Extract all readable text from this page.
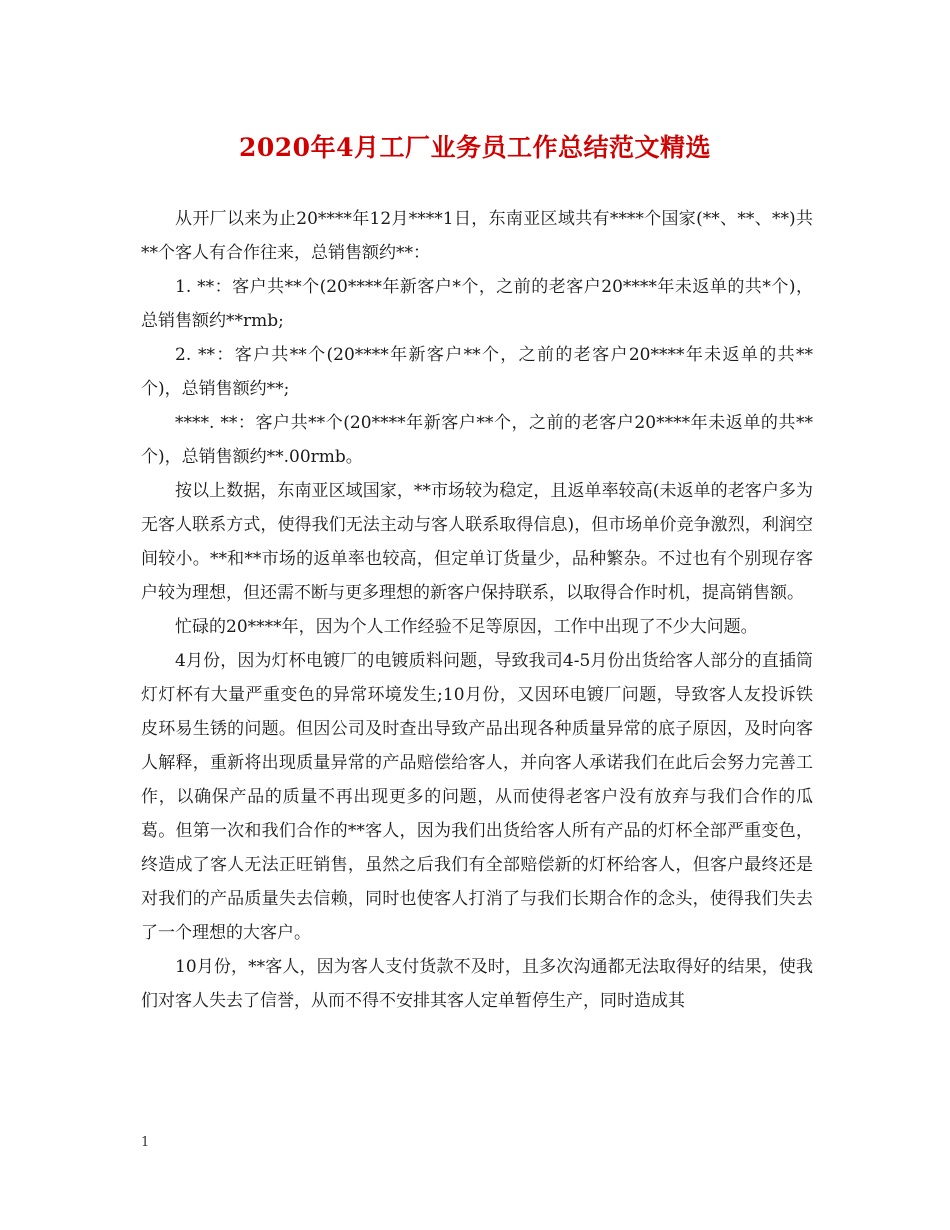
2020年4月工厂业务员工作总结范文精选

从开厂以来为止20****年12月****1日，东南亚区域共有****个国家(**、**、**)共**个客人有合作往来，总销售额约**：

1. **：客户共**个(20****年新客户*个，之前的老客户20****年未返单的共*个)，总销售额约**rmb;

2. **：客户共**个(20****年新客户**个，之前的老客户20****年未返单的共**个)，总销售额约**;

****. **：客户共**个(20****年新客户**个，之前的老客户20****年未返单的共**个)，总销售额约**.00rmb。

按以上数据，东南亚区域国家，**市场较为稳定，且返单率较高(未返单的老客户多为无客人联系方式，使得我们无法主动与客人联系取得信息)，但市场单价竞争激烈，利润空间较小。**和**市场的返单率也较高，但定单订货量少，品种繁杂。不过也有个别现存客户较为理想，但还需不断与更多理想的新客户保持联系，以取得合作时机，提高销售额。

忙碌的20****年，因为个人工作经验不足等原因，工作中出现了不少大问题。

4月份，因为灯杯电镀厂的电镀质料问题，导致我司4-5月份出货给客人部分的直插筒灯灯杯有大量严重变色的异常环境发生;10月份，又因环电镀厂问题，导致客人友投诉铁皮环易生锈的问题。但因公司及时查出导致产品出现各种质量异常的底子原因，及时向客人解释，重新将出现质量异常的产品赔偿给客人，并向客人承诺我们在此后会努力完善工作，以确保产品的质量不再出现更多的问题，从而使得老客户没有放弃与我们合作的瓜葛。但第一次和我们合作的**客人，因为我们出货给客人所有产品的灯杯全部严重变色，终造成了客人无法正旺销售，虽然之后我们有全部赔偿新的灯杯给客人，但客户最终还是对我们的产品质量失去信赖，同时也使客人打消了与我们长期合作的念头，使得我们失去了一个理想的大客户。

10月份，**客人，因为客人支付货款不及时，且多次沟通都无法取得好的结果，使我们对客人失去了信誉，从而不得不安排其客人定单暂停生产，同时造成其

1
